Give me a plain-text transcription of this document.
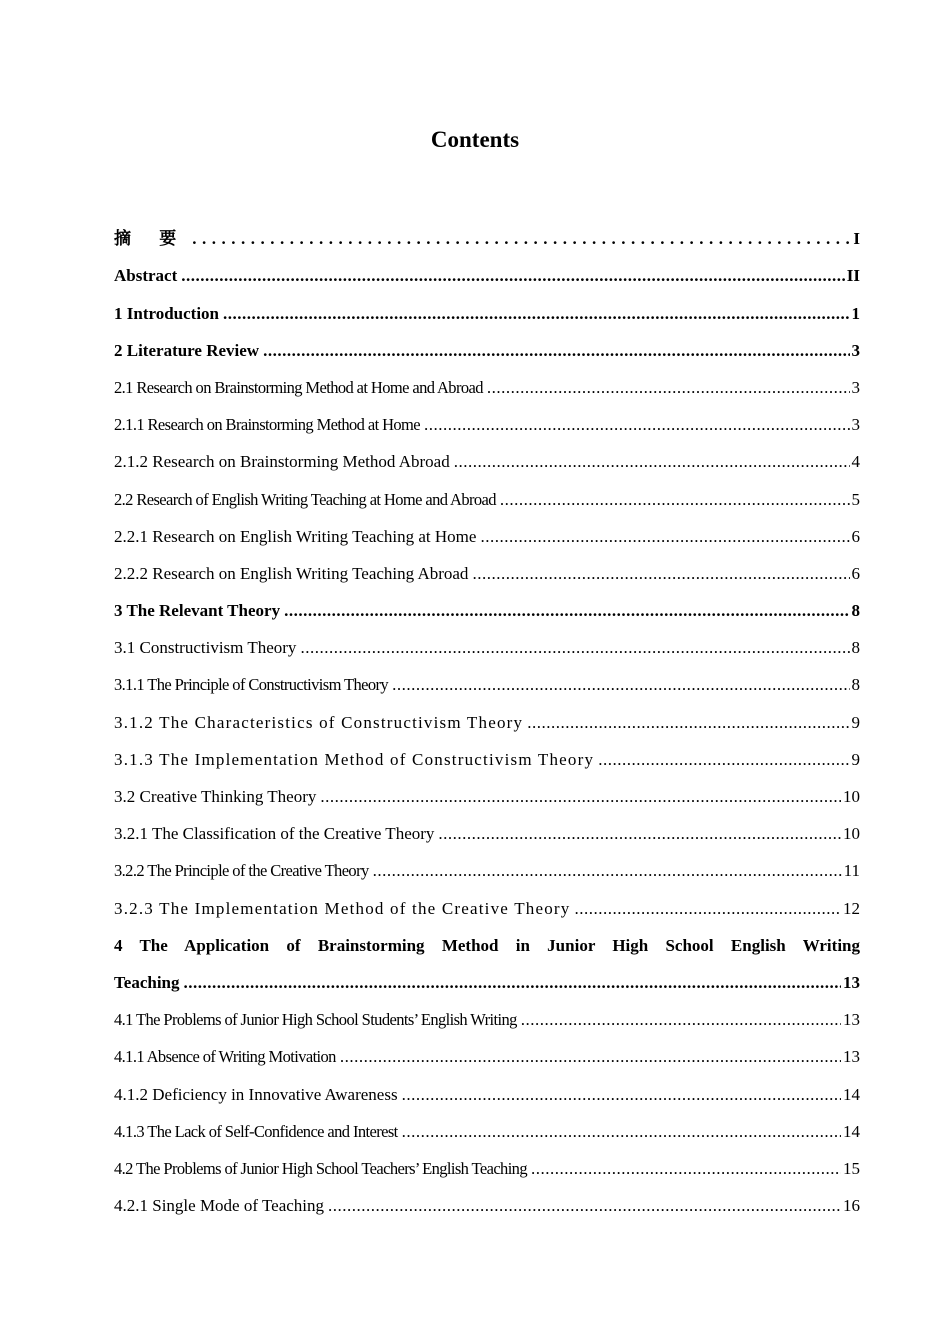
Contents
摘 要 .....	I
Abstract .....	II
1 Introduction .....	1
2 Literature Review .....	3
2.1 Research on Brainstorming Method at Home and Abroad .....	3
2.1.1 Research on Brainstorming Method at Home .....	3
2.1.2 Research on Brainstorming Method Abroad .....	4
2.2 Research of English Writing Teaching at Home and Abroad .....	5
2.2.1 Research on English Writing Teaching at Home .....	6
2.2.2 Research on English Writing Teaching Abroad .....	6
3 The Relevant Theory .....	8
3.1 Constructivism Theory .....	8
3.1.1 The Principle of Constructivism Theory .....	8
3.1.2 The Characteristics of Constructivism Theory .....	9
3.1.3 The Implementation Method of Constructivism Theory .....	9
3.2 Creative Thinking Theory .....	10
3.2.1 The Classification of the Creative Theory .....	10
3.2.2 The Principle of the Creative Theory .....	11
3.2.3 The Implementation Method of the Creative Theory .....	12
4 The Application of Brainstorming Method in Junior High School English Writing
Teaching .....	13
4.1 The Problems of Junior High School Students’ English Writing .....	13
4.1.1 Absence of Writing Motivation .....	13
4.1.2 Deficiency in Innovative Awareness .....	14
4.1.3 The Lack of Self-Confidence and Interest .....	14
4.2 The Problems of Junior High School Teachers’ English Teaching .....	15
4.2.1 Single Mode of Teaching .....	16
